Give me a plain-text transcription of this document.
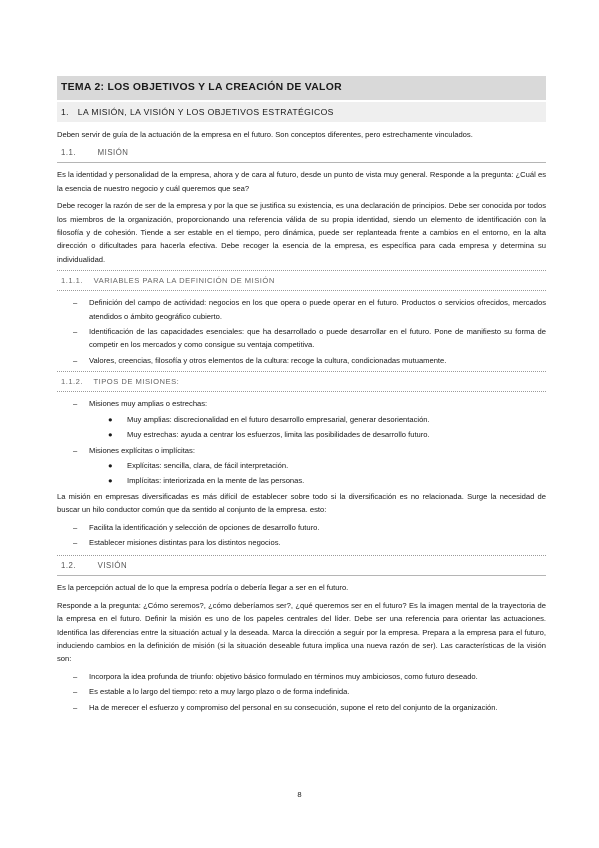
TEMA 2: LOS OBJETIVOS Y LA CREACIÓN DE VALOR
1. LA MISIÓN, LA VISIÓN Y LOS OBJETIVOS ESTRATÉGICOS

Deben servir de guía de la actuación de la empresa en el futuro. Son conceptos diferentes, pero estrechamente vinculados.

1.1.	MISIÓN

Es la identidad y personalidad de la empresa, ahora y de cara al futuro, desde un punto de vista muy general. Responde a la pregunta: ¿Cuál es la esencia de nuestro negocio y cuál queremos que sea?

Debe recoger la razón de ser de la empresa y por la que se justifica su existencia, es una declaración de principios. Debe ser conocida por todos los miembros de la organización, proporcionando una referencia válida de su propia identidad, siendo un elemento de identificación con la filosofía y de cohesión. Tiende a ser estable en el tiempo, pero dinámica, puede ser replanteada frente a cambios en el entorno, en la alta dirección o dificultades para hacerla efectiva. Debe recoger la esencia de la empresa, es específica para cada empresa y determina su individualidad.

1.1.1. VARIABLES PARA LA DEFINICIÓN DE MISIÓN
– Definición del campo de actividad: negocios en los que opera o puede operar en el futuro. Productos o servicios ofrecidos, mercados atendidos o ámbito geográfico cubierto.
– Identificación de las capacidades esenciales: que ha desarrollado o puede desarrollar en el futuro. Pone de manifiesto su forma de competir en los mercados y como consigue su ventaja competitiva.
– Valores, creencias, filosofía y otros elementos de la cultura: recoge la cultura, condicionadas mutuamente.
1.1.2. TIPOS DE MISIONES:
– Misiones muy amplias o estrechas:
● Muy amplias: discrecionalidad en el futuro desarrollo empresarial, generar desorientación.
● Muy estrechas: ayuda a centrar los esfuerzos, limita las posibilidades de desarrollo futuro.
– Misiones explícitas o implícitas:
● Explícitas: sencilla, clara, de fácil interpretación.
● Implícitas: interiorizada en la mente de las personas.

La misión en empresas diversificadas es más difícil de establecer sobre todo si la diversificación es no relacionada. Surge la necesidad de buscar un hilo conductor común que da sentido al conjunto de la empresa. esto:

– Facilita la identificación y selección de opciones de desarrollo futuro.
– Establecer misiones distintas para los distintos negocios.
1.2.	VISIÓN

Es la percepción actual de lo que la empresa podría o debería llegar a ser en el futuro.

Responde a la pregunta: ¿Cómo seremos?, ¿cómo deberíamos ser?, ¿qué queremos ser en el futuro? Es la imagen mental de la trayectoria de la empresa en el futuro. Definir la misión es uno de los papeles centrales del líder. Debe ser una referencia para orientar las actuaciones. Identifica las diferencias entre la situación actual y la deseada. Marca la dirección a seguir por la empresa. Prepara a la empresa para el futuro, induciendo cambios en la definición de misión (si la situación deseable futura implica una nueva razón de ser). Las características de la visión son:

– Incorpora la idea profunda de triunfo: objetivo básico formulado en términos muy ambiciosos, como futuro deseado.
– Es estable a lo largo del tiempo: reto a muy largo plazo o de forma indefinida.
– Ha de merecer el esfuerzo y compromiso del personal en su consecución, supone el reto del conjunto de la organización.
8
